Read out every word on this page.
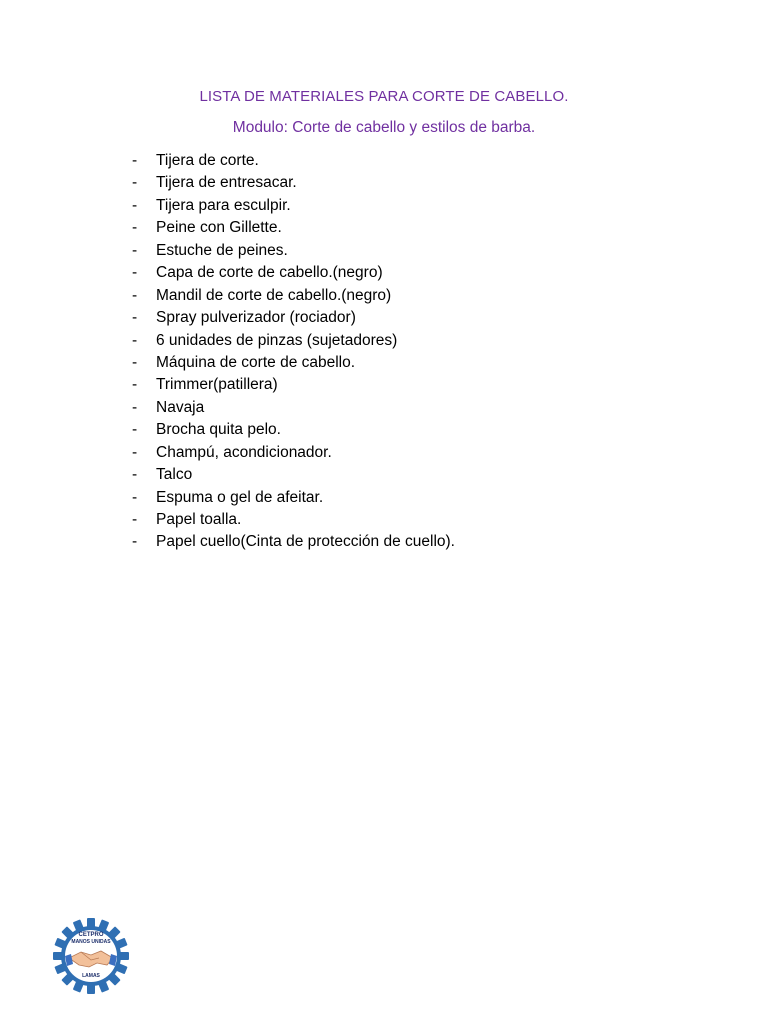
LISTA DE MATERIALES PARA CORTE DE CABELLO.
Modulo: Corte de cabello y estilos de barba.
-	Tijera de corte.
-	Tijera de entresacar.
-	Tijera para esculpir.
-	Peine con Gillette.
-	Estuche de peines.
-	Capa de corte de cabello.(negro)
-	Mandil de corte de cabello.(negro)
-	Spray pulverizador (rociador)
-	6 unidades de pinzas (sujetadores)
-	Máquina de corte de cabello.
-	Trimmer(patillera)
-	Navaja
-	Brocha quita pelo.
-	Champú, acondicionador.
-	Talco
-	Espuma o gel de afeitar.
-	Papel toalla.
-	Papel cuello(Cinta de protección de cuello).
CETPRO
MANOS UNIDAS
LAMAS
